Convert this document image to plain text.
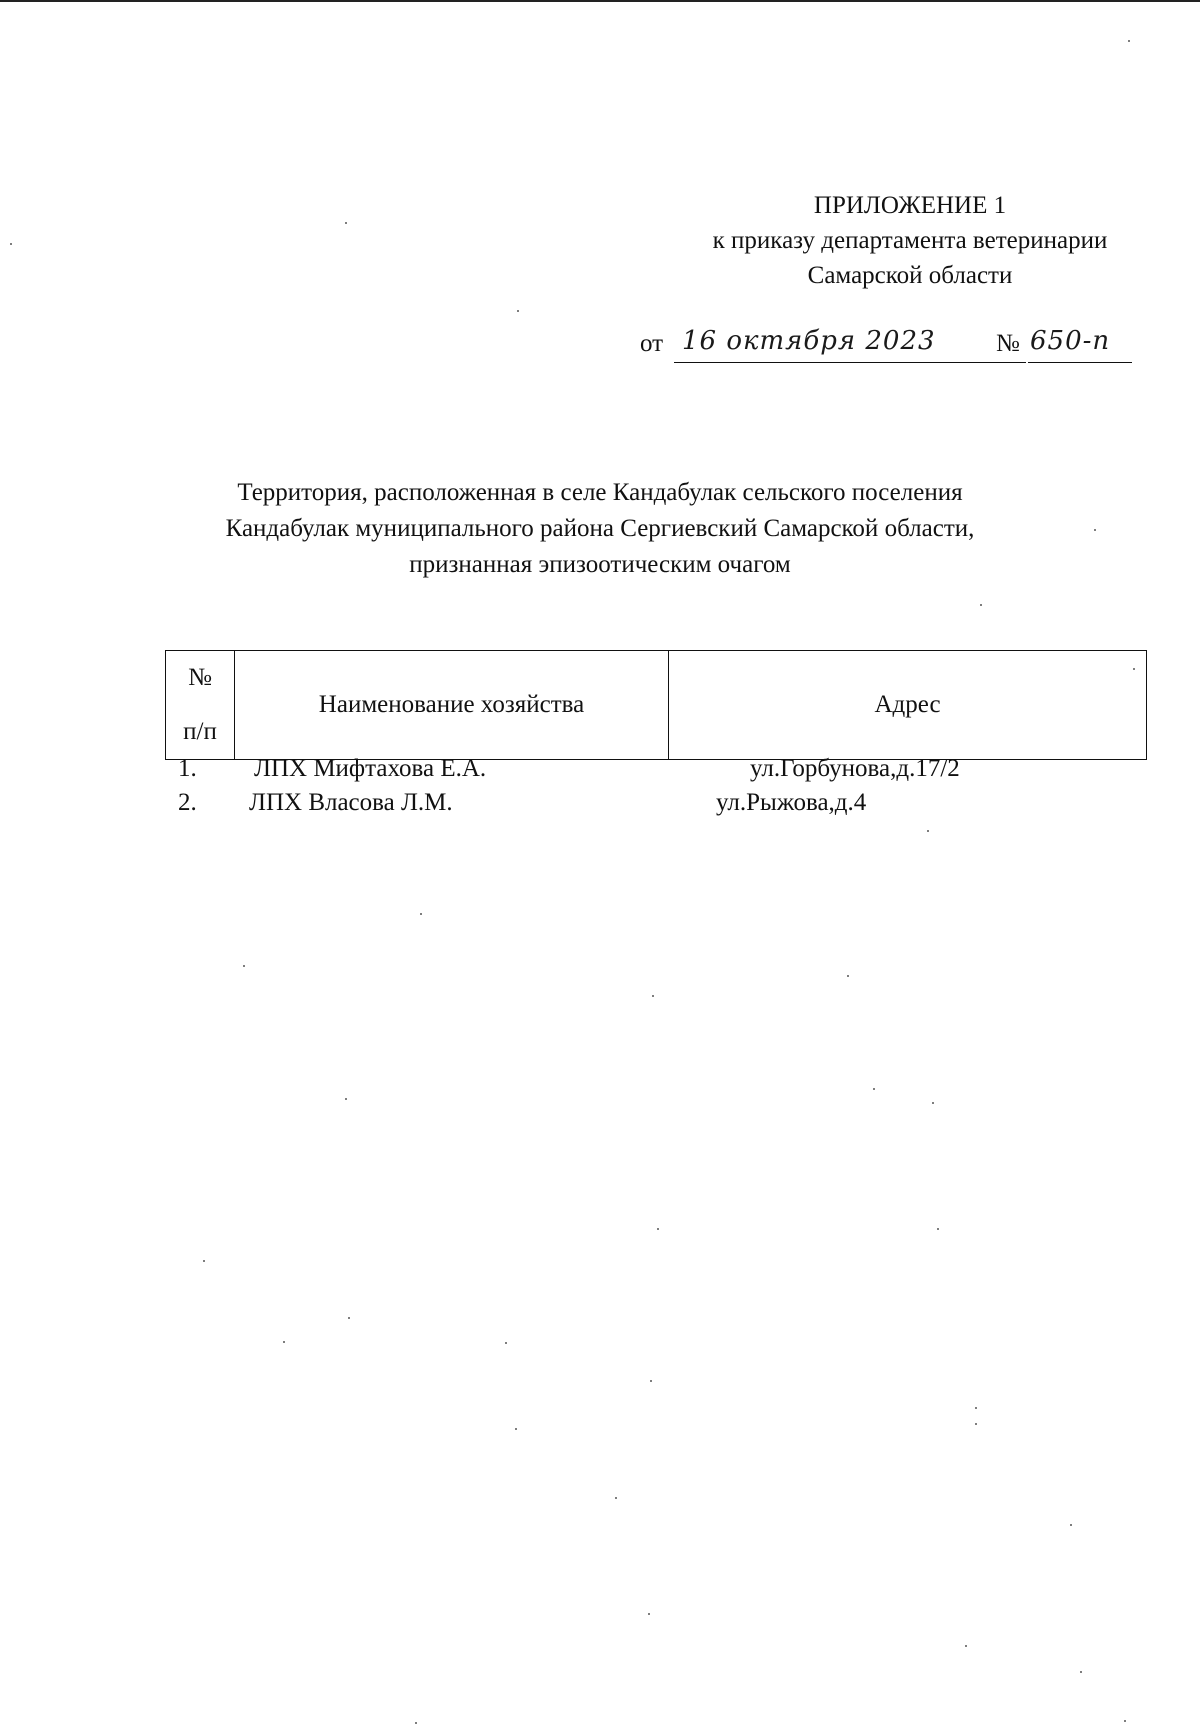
ПРИЛОЖЕНИЕ 1
к приказу департамента ветеринарии
Самарской области
от 16 октября 2023 № 650-п
Территория, расположенная в селе Кандабулак сельского поселения
Кандабулак муниципального района Сергиевский Самарской области,
признанная эпизоотическим очагом
№
п/п	Наименование хозяйства	Адрес
1. ЛПХ Мифтахова Е.А.	ул.Горбунова,д.17/2
2. ЛПХ Власова Л.М.	ул.Рыжова,д.4
